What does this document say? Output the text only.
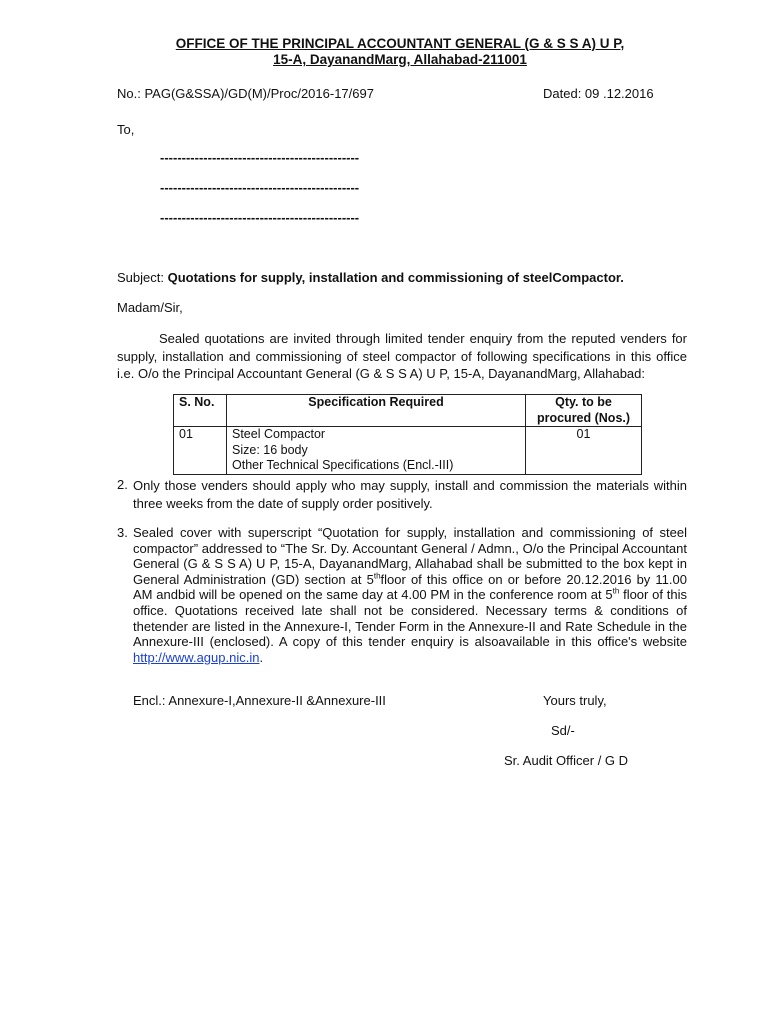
OFFICE OF THE PRINCIPAL ACCOUNTANT GENERAL (G & S S A) U P,
15-A, DayanandMarg, Allahabad-211001
No.: PAG(G&SSA)/GD(M)/Proc/2016-17/697	Dated: 09 .12.2016
To,
----------------------------------------------
----------------------------------------------
----------------------------------------------
Subject: Quotations for supply, installation and commissioning of steelCompactor.
Madam/Sir,
Sealed quotations are invited through limited tender enquiry from the reputed venders for supply, installation and commissioning of steel compactor of following specifications in this office i.e. O/o the Principal Accountant General (G & S S A) U P, 15-A, DayanandMarg, Allahabad:
S. No.	Specification Required	Qty. to be
procured (Nos.)
01	Steel Compactor
Size: 16 body
Other Technical Specifications (Encl.-III)	01
2. Only those venders should apply who may supply, install and commission the materials within three weeks from the date of supply order positively.
3. Sealed cover with superscript “Quotation for supply, installation and commissioning of steel compactor” addressed to “The Sr. Dy. Accountant General / Admn., O/o the Principal Accountant General (G & S S A) U P, 15-A, DayanandMarg, Allahabad shall be submitted to the box kept in General Administration (GD) section at 5thfloor of this office on or before 20.12.2016 by 11.00 AM andbid will be opened on the same day at 4.00 PM in the conference room at 5th floor of this office. Quotations received late shall not be considered. Necessary terms & conditions of thetender are listed in the Annexure-I, Tender Form in the Annexure-II and Rate Schedule in the Annexure-III (enclosed). A copy of this tender enquiry is alsoavailable in this office's website http://www.agup.nic.in.
Encl.: Annexure-I,Annexure-II &Annexure-III	Yours truly,
Sd/-
Sr. Audit Officer / G D
